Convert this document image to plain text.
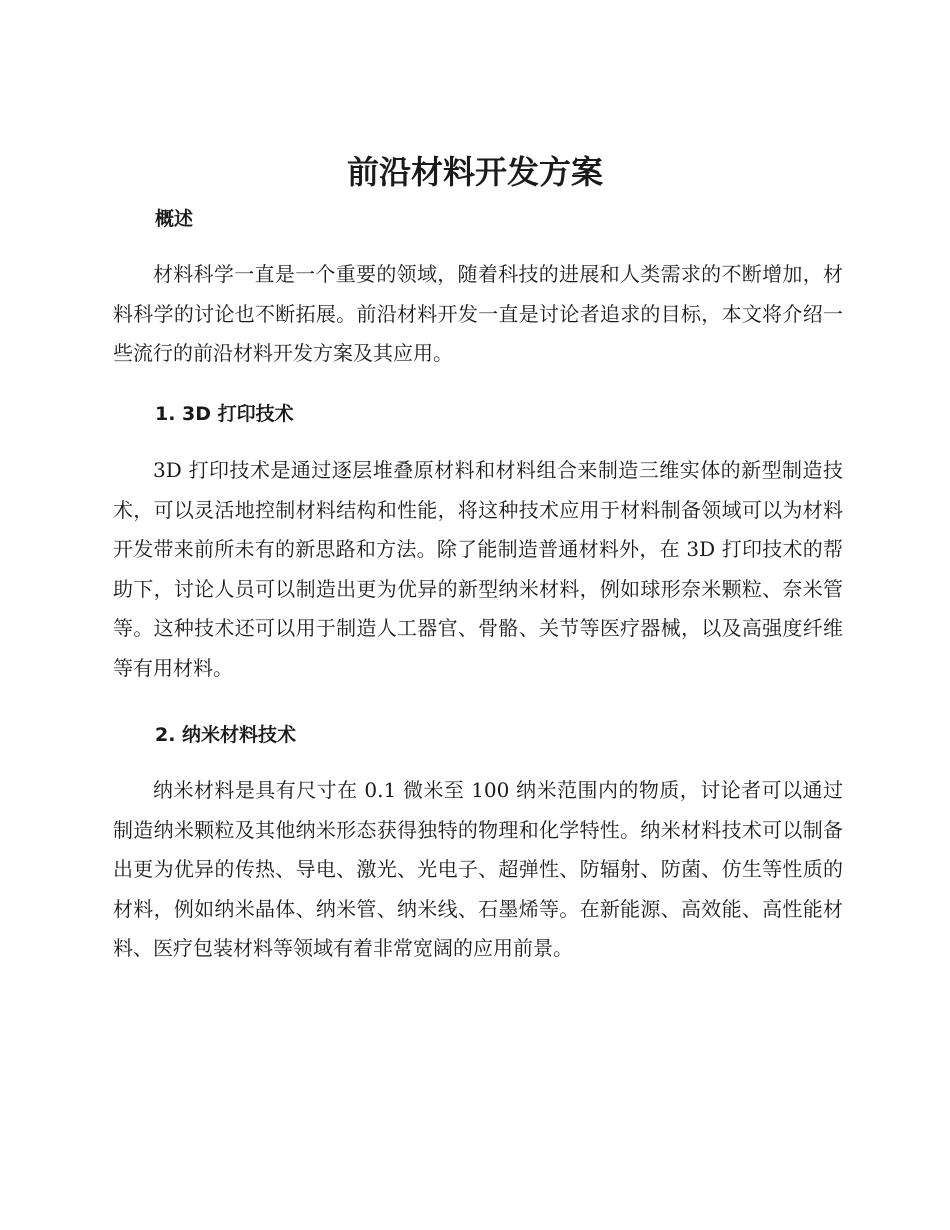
前沿材料开发方案
概述

材料科学一直是一个重要的领域，随着科技的进展和人类需求的不断增加，材料科学的讨论也不断拓展。前沿材料开发一直是讨论者追求的目标，本文将介绍一些流行的前沿材料开发方案及其应用。

1. 3D 打印技术

3D 打印技术是通过逐层堆叠原材料和材料组合来制造三维实体的新型制造技术，可以灵活地控制材料结构和性能，将这种技术应用于材料制备领域可以为材料开发带来前所未有的新思路和方法。除了能制造普通材料外，在 3D 打印技术的帮助下，讨论人员可以制造出更为优异的新型纳米材料，例如球形奈米颗粒、奈米管等。这种技术还可以用于制造人工器官、骨骼、关节等医疗器械，以及高强度纤维等有用材料。

2. 纳米材料技术

纳米材料是具有尺寸在 0.1 微米至 100 纳米范围内的物质，讨论者可以通过制造纳米颗粒及其他纳米形态获得独特的物理和化学特性。纳米材料技术可以制备出更为优异的传热、导电、激光、光电子、超弹性、防辐射、防菌、仿生等性质的材料，例如纳米晶体、纳米管、纳米线、石墨烯等。在新能源、高效能、高性能材料、医疗包装材料等领域有着非常宽阔的应用前景。
